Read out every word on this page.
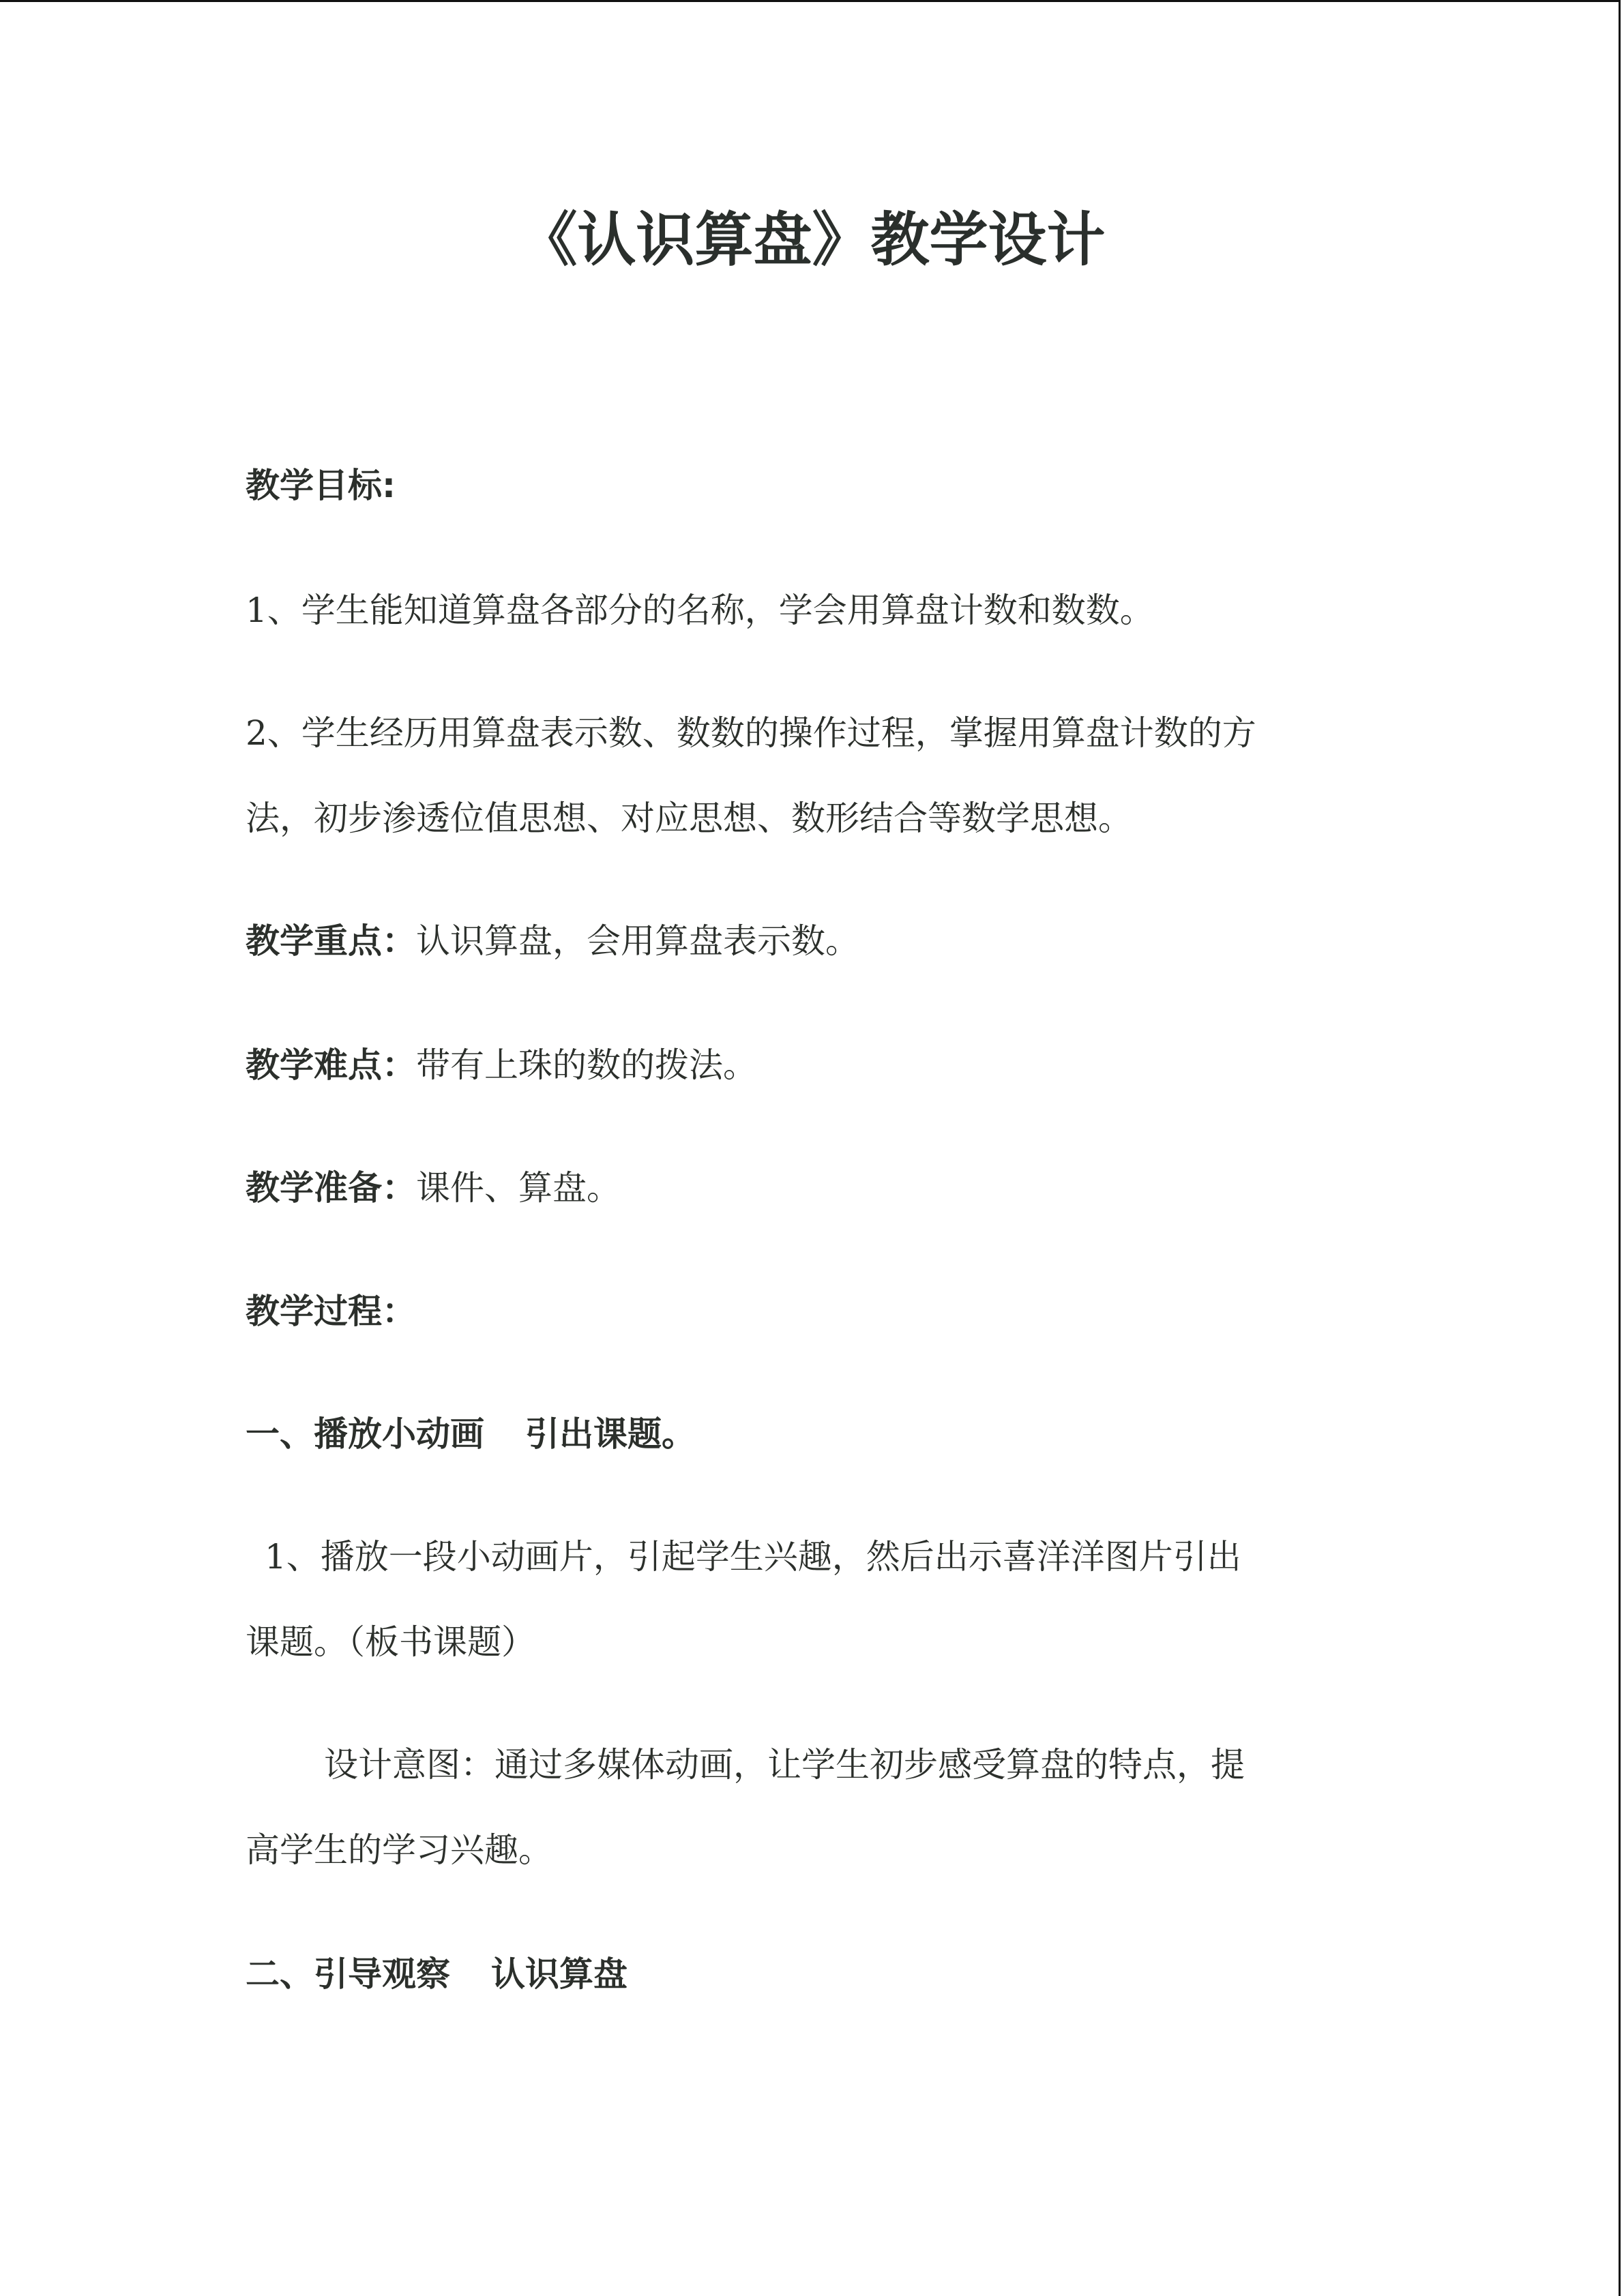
《认识算盘》教学设计

教学目标:

1、学生能知道算盘各部分的名称，学会用算盘计数和数数。

2、学生经历用算盘表示数、数数的操作过程，掌握用算盘计数的方

法，初步渗透位值思想、对应思想、数形结合等数学思想。

教学重点：认识算盘，会用算盘表示数。

教学难点：带有上珠的数的拨法。

教学准备：课件、算盘。

教学过程：

一、播放小动画 引出课题。

1、播放一段小动画片，引起学生兴趣，然后出示喜洋洋图片引出

课题。（板书课题）

设计意图：通过多媒体动画，让学生初步感受算盘的特点，提

高学生的学习兴趣。

二、引导观察 认识算盘
